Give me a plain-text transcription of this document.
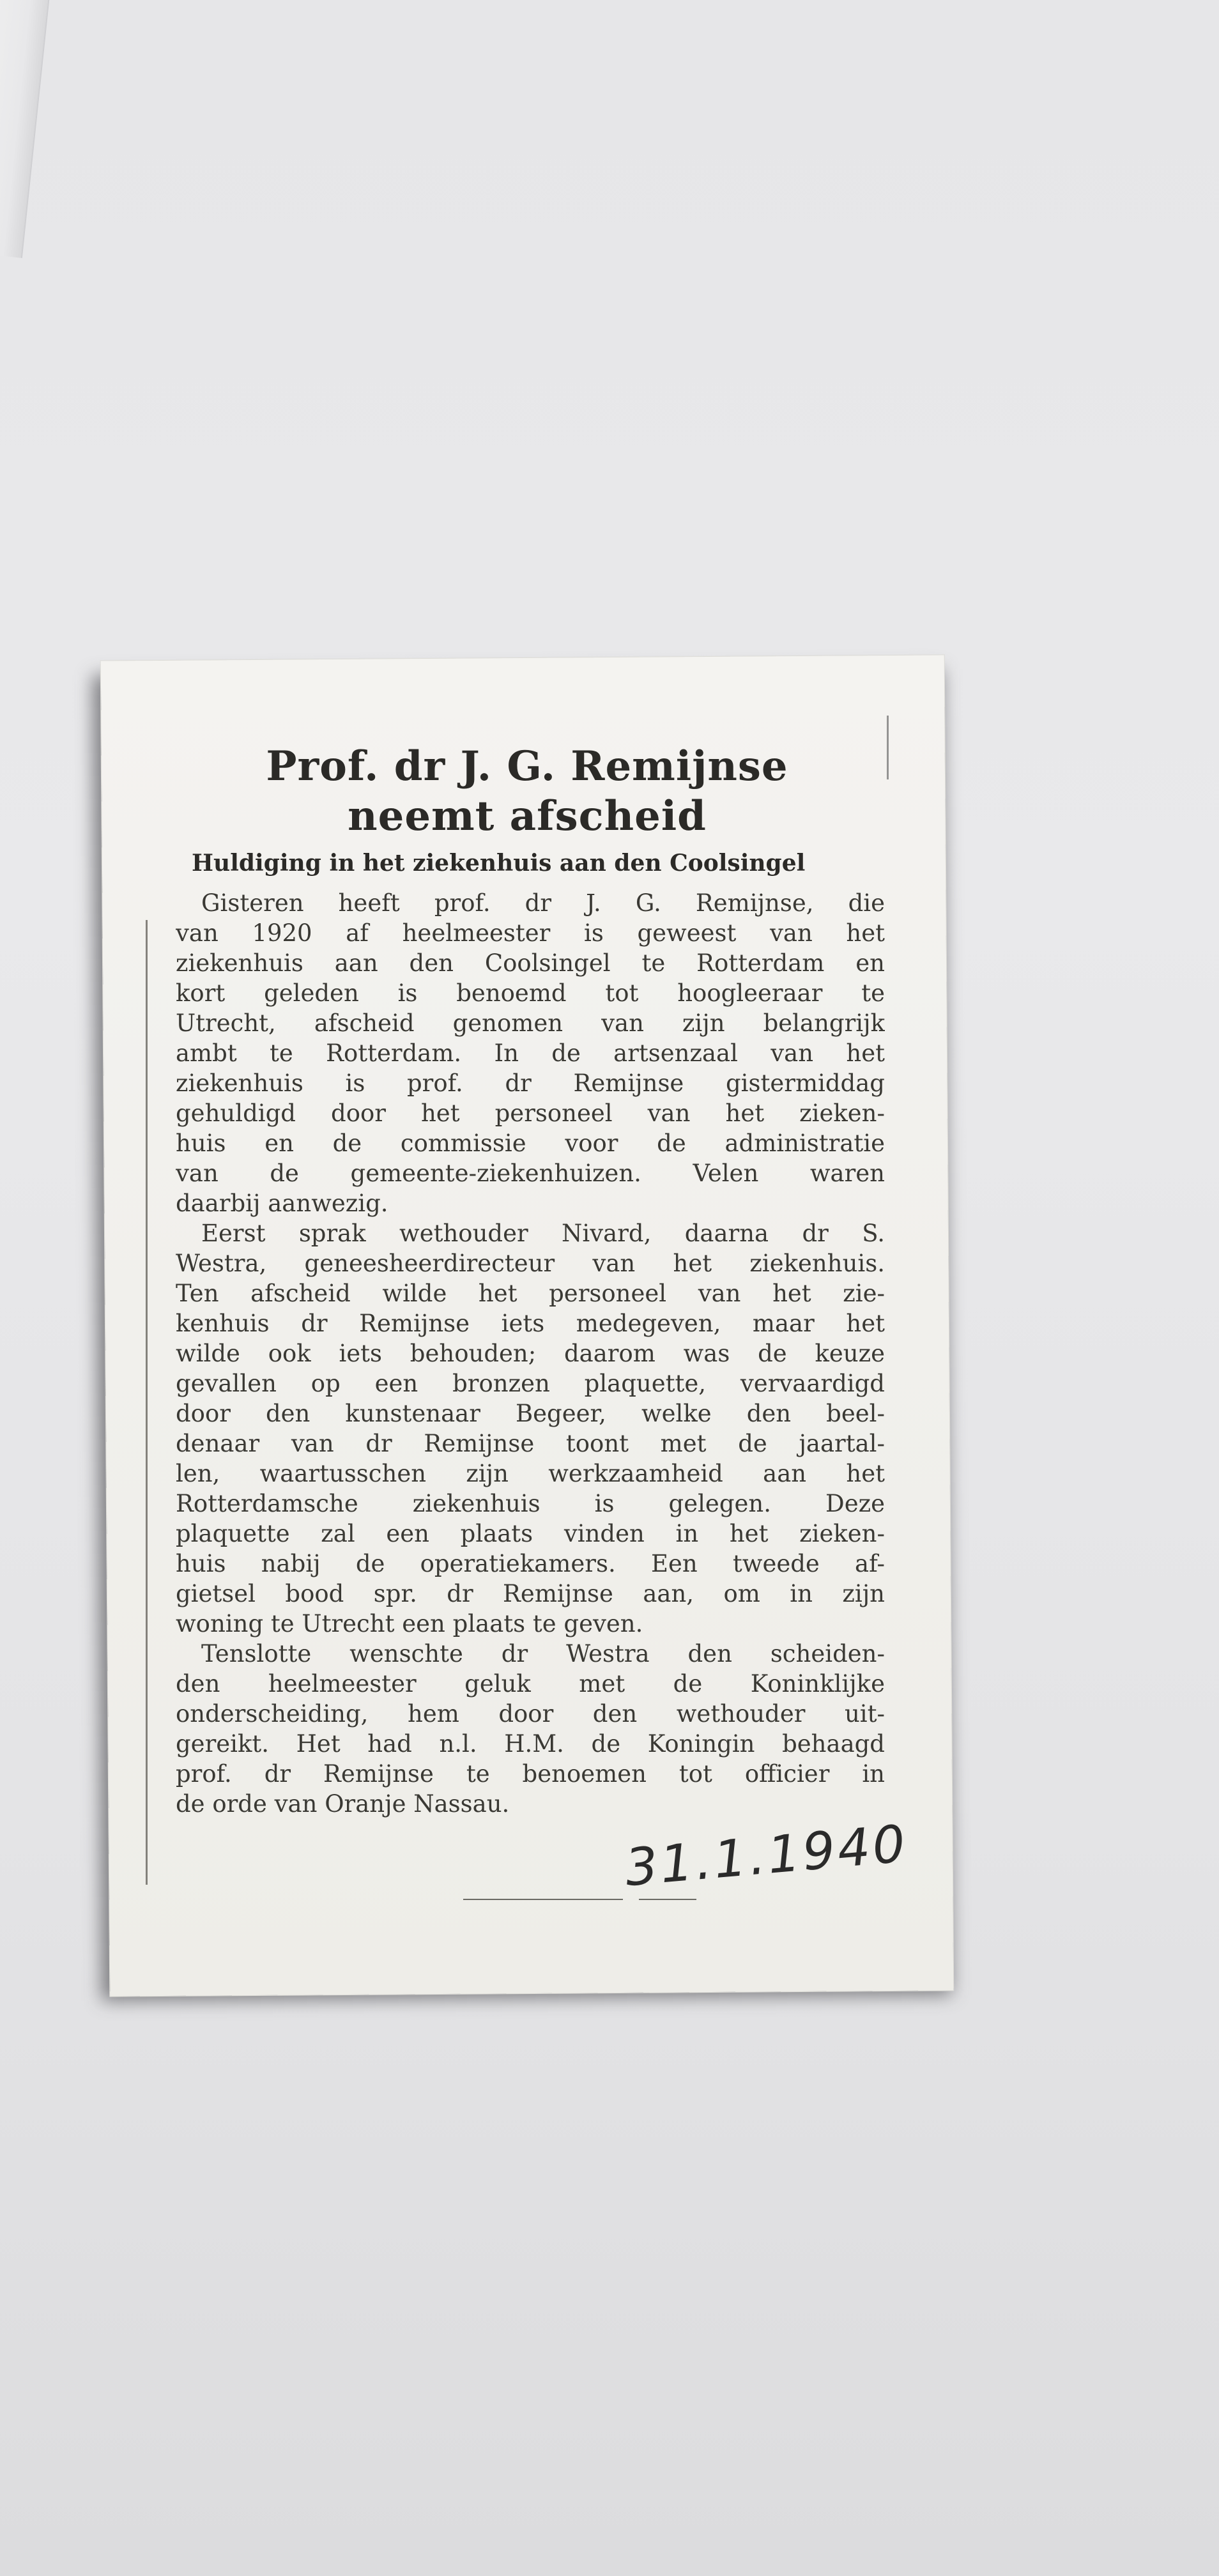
Prof. dr J. G. Remijnse
neemt afscheid

Huldiging in het ziekenhuis aan den Coolsingel

Gisteren heeft prof. dr J. G. Remijnse, die
van 1920 af heelmeester is geweest van het
ziekenhuis aan den Coolsingel te Rotterdam en
kort geleden is benoemd tot hoogleeraar te
Utrecht, afscheid genomen van zijn belangrijk
ambt te Rotterdam. In de artsenzaal van het
ziekenhuis is prof. dr Remijnse gistermiddag
gehuldigd door het personeel van het zieken-
huis en de commissie voor de administratie
van de gemeente-ziekenhuizen. Velen waren
daarbij aanwezig.
Eerst sprak wethouder Nivard, daarna dr S.
Westra, geneesheerdirecteur van het ziekenhuis.
Ten afscheid wilde het personeel van het zie-
kenhuis dr Remijnse iets medegeven, maar het
wilde ook iets behouden; daarom was de keuze
gevallen op een bronzen plaquette, vervaardigd
door den kunstenaar Begeer, welke den beel-
denaar van dr Remijnse toont met de jaartal-
len, waartusschen zijn werkzaamheid aan het
Rotterdamsche ziekenhuis is gelegen. Deze
plaquette zal een plaats vinden in het zieken-
huis nabij de operatiekamers. Een tweede af-
gietsel bood spr. dr Remijnse aan, om in zijn
woning te Utrecht een plaats te geven.
Tenslotte wenschte dr Westra den scheiden-
den heelmeester geluk met de Koninklijke
onderscheiding, hem door den wethouder uit-
gereikt. Het had n.l. H.M. de Koningin behaagd
prof. dr Remijnse te benoemen tot officier in
de orde van Oranje Nassau.
31.1.1940
